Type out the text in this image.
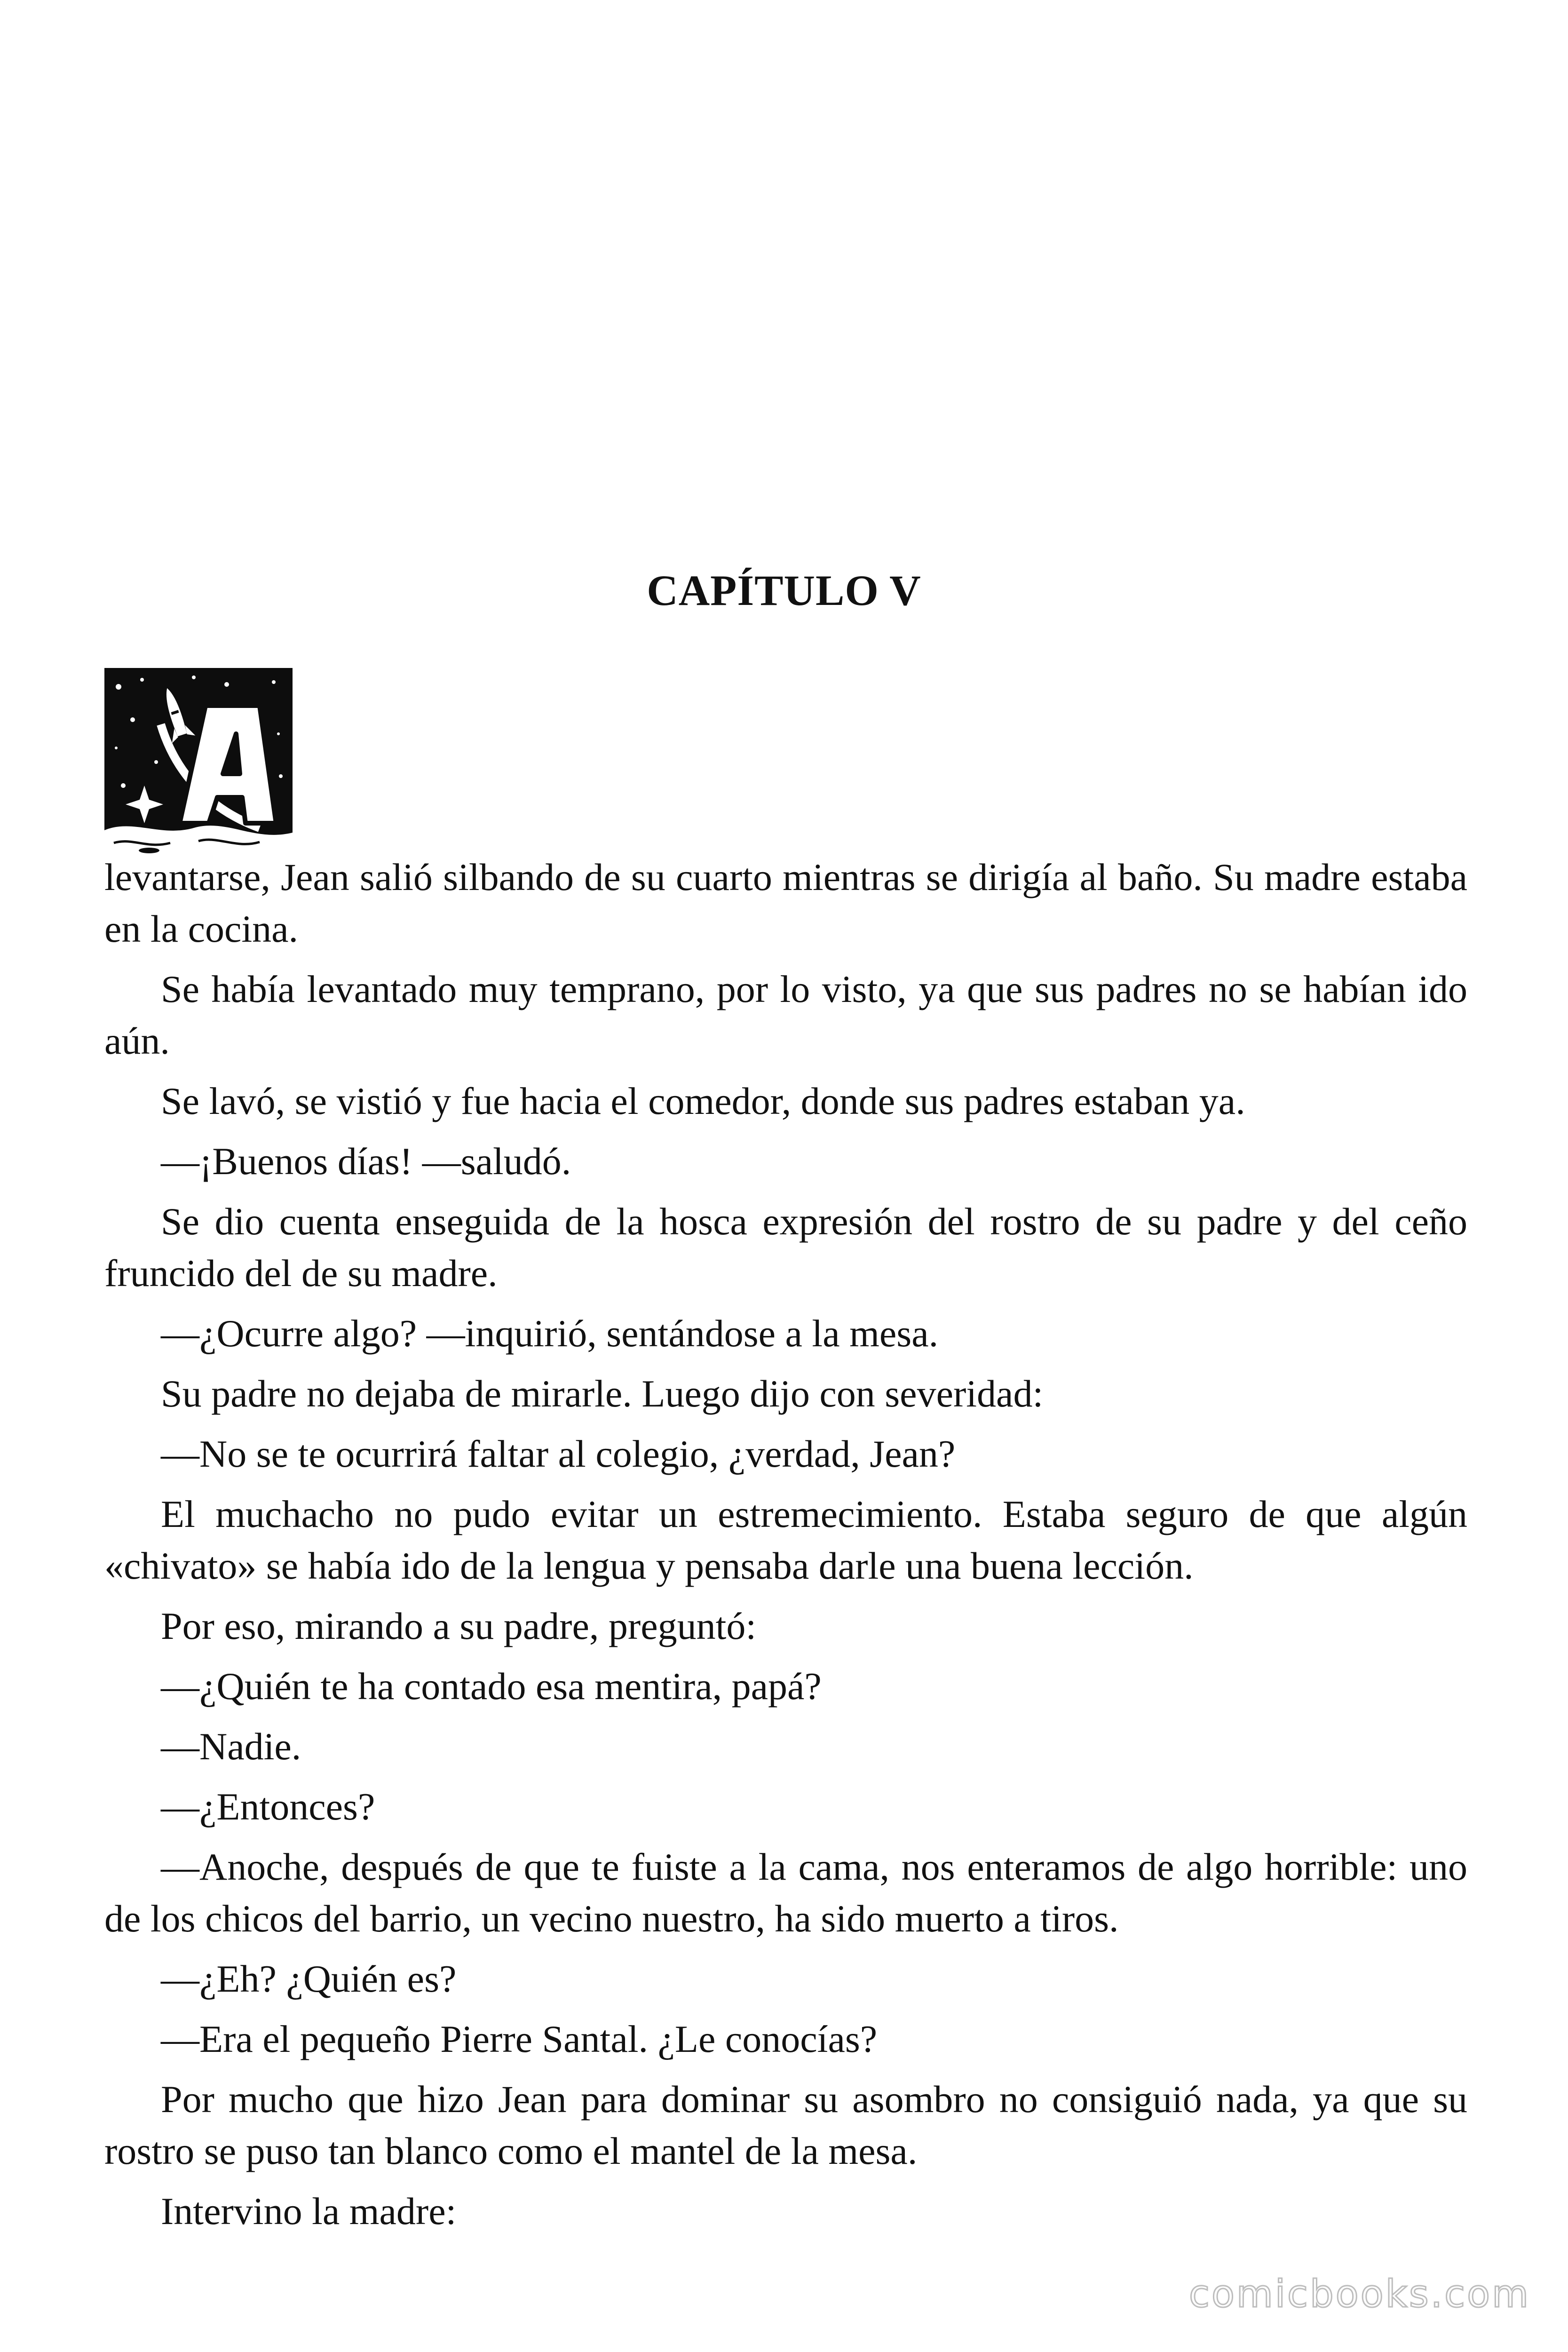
CAPÍTULO V

levantarse, Jean salió silbando de su cuarto mientras se dirigía al baño. Su madre estaba en la cocina.

Se había levantado muy temprano, por lo visto, ya que sus padres no se habían ido aún.

Se lavó, se vistió y fue hacia el comedor, donde sus padres estaban ya.

—¡Buenos días! —saludó.

Se dio cuenta enseguida de la hosca expresión del rostro de su padre y del ceño fruncido del de su madre.

—¿Ocurre algo? —inquirió, sentándose a la mesa.

Su padre no dejaba de mirarle. Luego dijo con severidad:

—No se te ocurrirá faltar al colegio, ¿verdad, Jean?

El muchacho no pudo evitar un estremecimiento. Estaba seguro de que algún «chivato» se había ido de la lengua y pensaba darle una buena lección.

Por eso, mirando a su padre, preguntó:

—¿Quién te ha contado esa mentira, papá?

—Nadie.

—¿Entonces?

—Anoche, después de que te fuiste a la cama, nos enteramos de algo horrible: uno de los chicos del barrio, un vecino nuestro, ha sido muerto a tiros.

—¿Eh? ¿Quién es?

—Era el pequeño Pierre Santal. ¿Le conocías?

Por mucho que hizo Jean para dominar su asombro no consiguió nada, ya que su rostro se puso tan blanco como el mantel de la mesa.

Intervino la madre:

comicbooks.com
